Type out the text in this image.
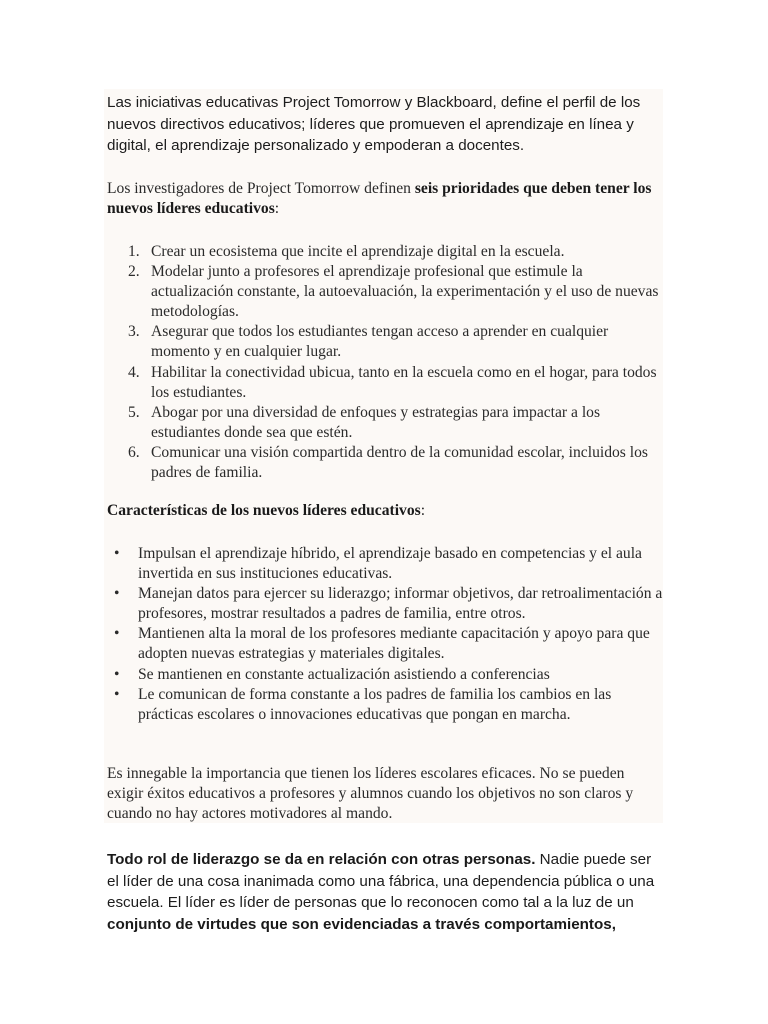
Las iniciativas educativas Project Tomorrow y Blackboard, define el perfil de los nuevos directivos educativos; líderes que promueven el aprendizaje en línea y digital, el aprendizaje personalizado y empoderan a docentes.

Los investigadores de Project Tomorrow definen seis prioridades que deben tener los nuevos líderes educativos:

1. Crear un ecosistema que incite el aprendizaje digital en la escuela.
2. Modelar junto a profesores el aprendizaje profesional que estimule la actualización constante, la autoevaluación, la experimentación y el uso de nuevas metodologías.
3. Asegurar que todos los estudiantes tengan acceso a aprender en cualquier momento y en cualquier lugar.
4. Habilitar la conectividad ubicua, tanto en la escuela como en el hogar, para todos los estudiantes.
5. Abogar por una diversidad de enfoques y estrategias para impactar a los estudiantes donde sea que estén.
6. Comunicar una visión compartida dentro de la comunidad escolar, incluidos los padres de familia.

Características de los nuevos líderes educativos:

• Impulsan el aprendizaje híbrido, el aprendizaje basado en competencias y el aula invertida en sus instituciones educativas.
• Manejan datos para ejercer su liderazgo; informar objetivos, dar retroalimentación a profesores, mostrar resultados a padres de familia, entre otros.
• Mantienen alta la moral de los profesores mediante capacitación y apoyo para que adopten nuevas estrategias y materiales digitales.
• Se mantienen en constante actualización asistiendo a conferencias
• Le comunican de forma constante a los padres de familia los cambios en las prácticas escolares o innovaciones educativas que pongan en marcha.

Es innegable la importancia que tienen los líderes escolares eficaces. No se pueden exigir éxitos educativos a profesores y alumnos cuando los objetivos no son claros y cuando no hay actores motivadores al mando.

Todo rol de liderazgo se da en relación con otras personas. Nadie puede ser el líder de una cosa inanimada como una fábrica, una dependencia pública o una escuela. El líder es líder de personas que lo reconocen como tal a la luz de un conjunto de virtudes que son evidenciadas a través comportamientos,
